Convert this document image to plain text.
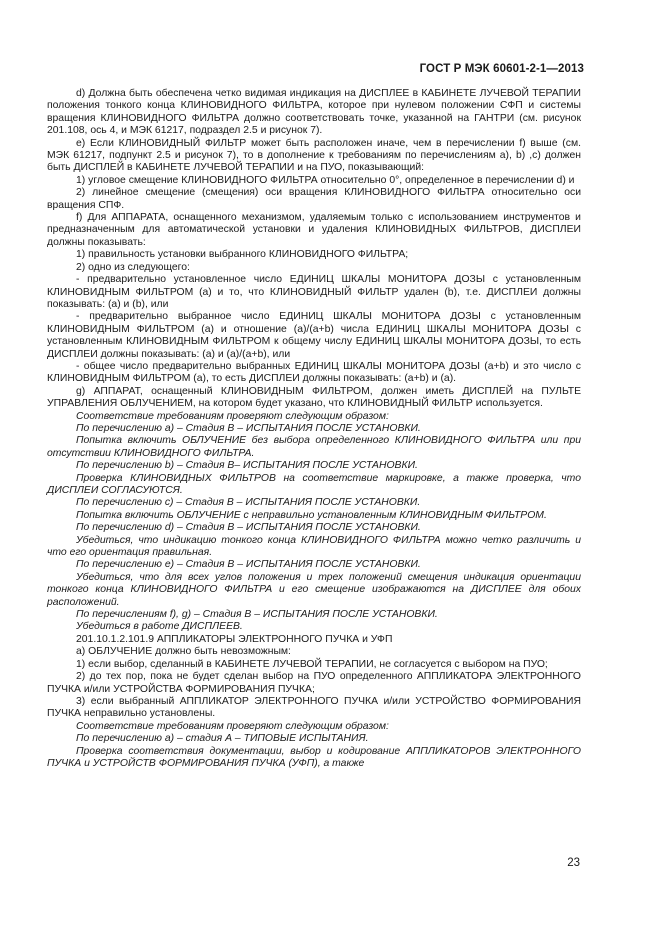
ГОСТ Р МЭК 60601-2-1—2013

d) Должна быть обеспечена четко видимая индикация на ДИСПЛЕЕ в КАБИНЕТЕ ЛУЧЕВОЙ ТЕРАПИИ положения тонкого конца КЛИНОВИДНОГО ФИЛЬТРА, которое при нулевом положении СФП и системы вращения КЛИНОВИДНОГО ФИЛЬТРА должно соответствовать точке, указанной на ГАНТРИ (см. рисунок 201.108, ось 4, и МЭК 61217, подраздел 2.5 и рисунок 7).

e) Если КЛИНОВИДНЫЙ ФИЛЬТР может быть расположен иначе, чем в перечислении f) выше (см. МЭК 61217, подпункт 2.5 и рисунок 7), то в дополнение к требованиям по перечислениям а), b) ,c) должен быть ДИСПЛЕЙ в КАБИНЕТЕ ЛУЧЕВОЙ ТЕРАПИИ и на ПУО, показывающий:

1) угловое смещение КЛИНОВИДНОГО ФИЛЬТРА относительно 0°, определенное в перечислении d) и

2) линейное смещение (смещения) оси вращения КЛИНОВИДНОГО ФИЛЬТРА относительно оси вращения СПФ.

f) Для АППАРАТА, оснащенного механизмом, удаляемым только с использованием инструментов и предназначенным для автоматической установки и удаления КЛИНОВИДНЫХ ФИЛЬТРОВ, ДИСПЛЕИ должны показывать:

1) правильность установки выбранного КЛИНОВИДНОГО ФИЛЬТРА;

2) одно из следующего:

- предварительно установленное число ЕДИНИЦ ШКАЛЫ МОНИТОРА ДОЗЫ с установленным КЛИНОВИДНЫМ ФИЛЬТРОМ (а) и то, что КЛИНОВИДНЫЙ ФИЛЬТР удален (b), т.е. ДИСПЛЕИ должны показывать: (а) и (b), или

- предварительно выбранное число ЕДИНИЦ ШКАЛЫ МОНИТОРА ДОЗЫ с установленным КЛИНОВИДНЫМ ФИЛЬТРОМ (а) и отношение (а)/(а+b) числа ЕДИНИЦ ШКАЛЫ МОНИТОРА ДОЗЫ с установленным КЛИНОВИДНЫМ ФИЛЬТРОМ к общему числу ЕДИНИЦ ШКАЛЫ МОНИТОРА ДОЗЫ, то есть ДИСПЛЕИ должны показывать: (а) и (а)/(а+b), или

- общее число предварительно выбранных ЕДИНИЦ ШКАЛЫ МОНИТОРА ДОЗЫ (а+b) и это число с КЛИНОВИДНЫМ ФИЛЬТРОМ (а), то есть ДИСПЛЕИ должны показывать: (а+b) и (а).

g) АППАРАТ, оснащенный КЛИНОВИДНЫМ ФИЛЬТРОМ, должен иметь ДИСПЛЕЙ на ПУЛЬТЕ УПРАВЛЕНИЯ ОБЛУЧЕНИЕМ, на котором будет указано, что КЛИНОВИДНЫЙ ФИЛЬТР используется.

Соответствие требованиям проверяют следующим образом:

По перечислению а) – Стадия В – ИСПЫТАНИЯ ПОСЛЕ УСТАНОВКИ.

Попытка включить ОБЛУЧЕНИЕ без выбора определенного КЛИНОВИДНОГО ФИЛЬТРА или при отсутствии КЛИНОВИДНОГО ФИЛЬТРА.

По перечислению b) – Стадия В– ИСПЫТАНИЯ ПОСЛЕ УСТАНОВКИ.

Проверка КЛИНОВИДНЫХ ФИЛЬТРОВ на соответствие маркировке, а также проверка, что ДИСПЛЕИ СОГЛАСУЮТСЯ.

По перечислению с) – Стадия В – ИСПЫТАНИЯ ПОСЛЕ УСТАНОВКИ.

Попытка включить ОБЛУЧЕНИЕ с неправильно установленным КЛИНОВИДНЫМ ФИЛЬТРОМ.

По перечислению d) – Стадия В – ИСПЫТАНИЯ ПОСЛЕ УСТАНОВКИ.

Убедиться, что индикацию тонкого конца КЛИНОВИДНОГО ФИЛЬТРА можно четко различить и что его ориентация правильная.

По перечислению е) – Стадия В – ИСПЫТАНИЯ ПОСЛЕ УСТАНОВКИ.

Убедиться, что для всех углов положения и трех положений смещения индикация ориентации тонкого конца КЛИНОВИДНОГО ФИЛЬТРА и его смещение изображаются на ДИСПЛЕЕ для обоих расположений.

По перечислениям f), g) – Стадия В – ИСПЫТАНИЯ ПОСЛЕ УСТАНОВКИ.

Убедиться в работе ДИСПЛЕЕВ.

201.10.1.2.101.9 АППЛИКАТОРЫ ЭЛЕКТРОННОГО ПУЧКА и УФП

а) ОБЛУЧЕНИЕ должно быть невозможным:

1) если выбор, сделанный в КАБИНЕТЕ ЛУЧЕВОЙ ТЕРАПИИ, не согласуется с выбором на ПУО;

2) до тех пор, пока не будет сделан выбор на ПУО определенного АППЛИКАТОРА ЭЛЕКТРОННОГО ПУЧКА и/или УСТРОЙСТВА ФОРМИРОВАНИЯ ПУЧКА;

3) если выбранный АППЛИКАТОР ЭЛЕКТРОННОГО ПУЧКА и/или УСТРОЙСТВО ФОРМИРОВАНИЯ ПУЧКА неправильно установлены.

Соответствие требованиям проверяют следующим образом:

По перечислению а) – стадия А – ТИПОВЫЕ ИСПЫТАНИЯ.

Проверка соответствия документации, выбор и кодирование АППЛИКАТОРОВ ЭЛЕКТРОННОГО ПУЧКА и УСТРОЙСТВ ФОРМИРОВАНИЯ ПУЧКА (УФП), а также

23
